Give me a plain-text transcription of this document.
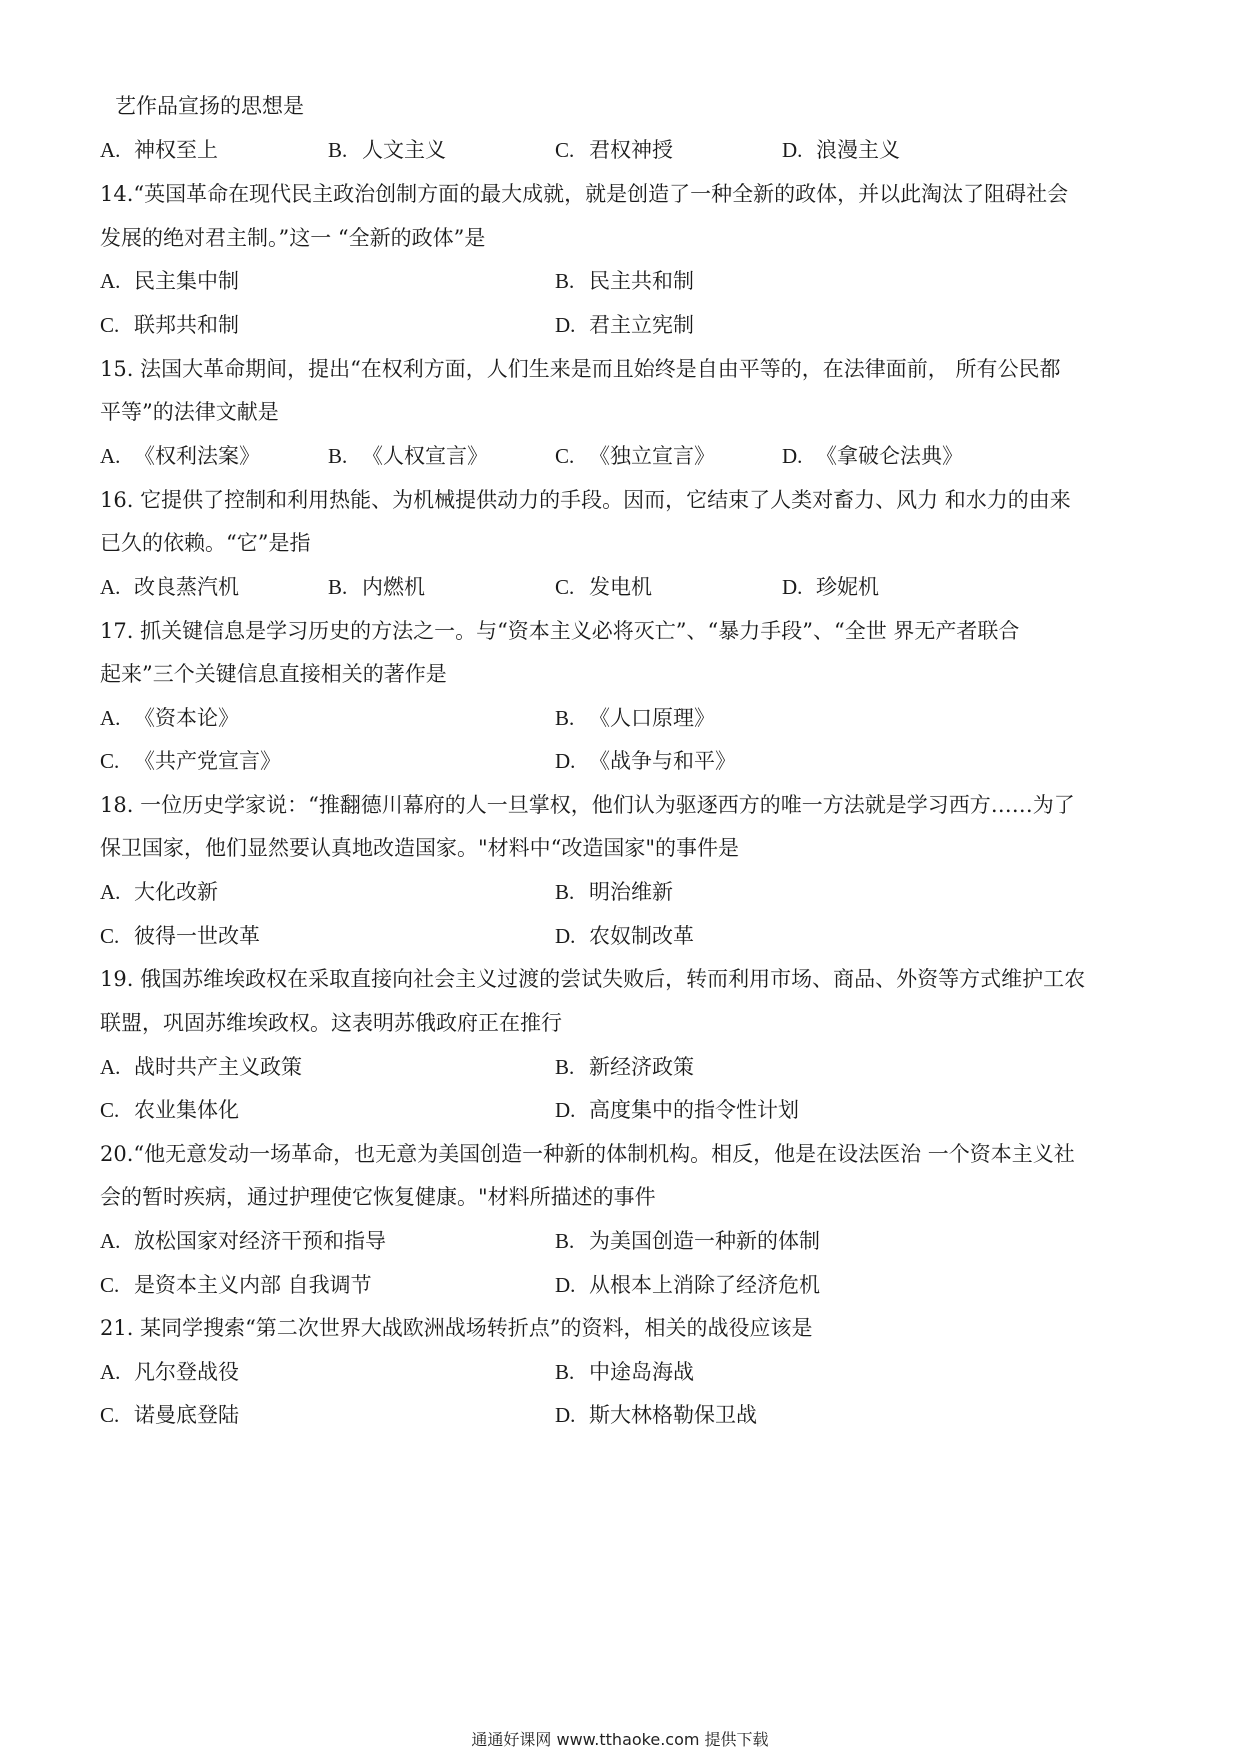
艺作品宣扬的思想是
A. 神权至上	B. 人文主义	C. 君权神授	D. 浪漫主义
14.“英国革命在现代民主政治创制方面的最大成就，就是创造了一种全新的政体，并以此淘汰了阻碍社会
发展的绝对君主制。”这一 “全新的政体”是
A. 民主集中制	B. 民主共和制
C. 联邦共和制	D. 君主立宪制
15. 法国大革命期间，提出“在权利方面，人们生来是而且始终是自由平等的，在法律面前， 所有公民都
平等”的法律文献是
A. 《权利法案》	B. 《人权宣言》	C. 《独立宣言》	D. 《拿破仑法典》
16. 它提供了控制和利用热能、为机械提供动力的手段。因而，它结束了人类对畜力、风力 和水力的由来
已久的依赖。“它”是指
A. 改良蒸汽机	B. 内燃机	C. 发电机	D. 珍妮机
17. 抓关键信息是学习历史的方法之一。与“资本主义必将灭亡”、“暴力手段”、“全世 界无产者联合
起来”三个关键信息直接相关的著作是
A. 《资本论》	B. 《人口原理》
C. 《共产党宣言》	D. 《战争与和平》
18. 一位历史学家说：“推翻德川幕府的人一旦掌权，他们认为驱逐西方的唯一方法就是学习西方……为了
保卫国家，他们显然要认真地改造国家。"材料中“改造国家"的事件是
A. 大化改新	B. 明治维新
C. 彼得一世改革	D. 农奴制改革
19. 俄国苏维埃政权在采取直接向社会主义过渡的尝试失败后，转而利用市场、商品、外资等方式维护工农
联盟，巩固苏维埃政权。这表明苏俄政府正在推行
A. 战时共产主义政策	B. 新经济政策
C. 农业集体化	D. 高度集中的指令性计划
20.“他无意发动一场革命，也无意为美国创造一种新的体制机构。相反，他是在设法医治 一个资本主义社
会的暂时疾病，通过护理使它恢复健康。"材料所描述的事件
A. 放松国家对经济干预和指导	B. 为美国创造一种新的体制
C. 是资本主义内部 自我调节	D. 从根本上消除了经济危机
21. 某同学搜索“第二次世界大战欧洲战场转折点”的资料，相关的战役应该是
A. 凡尔登战役	B. 中途岛海战
C. 诺曼底登陆	D. 斯大林格勒保卫战
通通好课网 www.tthaoke.com 提供下载
